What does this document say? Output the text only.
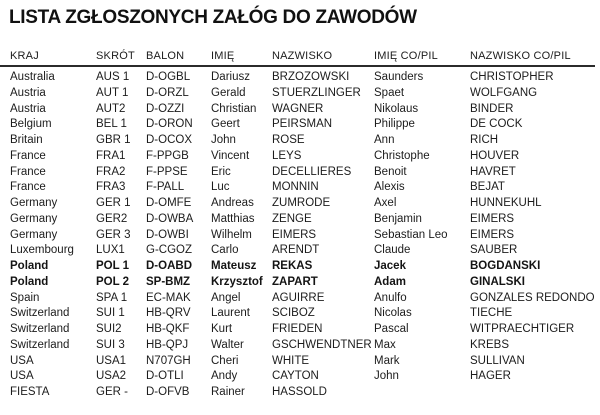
LISTA ZGŁOSZONYCH ZAŁÓG DO ZAWODÓW
KRAJ	SKRÓT	BALON	IMIĘ	NAZWISKO	IMIĘ CO/PIL	NAZWISKO CO/PIL
Australia	AUS 1	D-OGBL	Dariusz	BRZOZOWSKI	Saunders	CHRISTOPHER
Austria	AUT 1	D-ORZL	Gerald	STUERZLINGER	Spaet	WOLFGANG
Austria	AUT2	D-OZZI	Christian	WAGNER	Nikolaus	BINDER
Belgium	BEL 1	D-ORON	Geert	PEIRSMAN	Philippe	DE COCK
Britain	GBR 1	D-OCOX	John	ROSE	Ann	RICH
France	FRA1	F-PPGB	Vincent	LEYS	Christophe	HOUVER
France	FRA2	F-PPSE	Eric	DECELLIERES	Benoit	HAVRET
France	FRA3	F-PALL	Luc	MONNIN	Alexis	BEJAT
Germany	GER 1	D-OMFE	Andreas	ZUMRODE	Axel	HUNNEKUHL
Germany	GER2	D-OWBA	Matthias	ZENGE	Benjamin	EIMERS
Germany	GER 3	D-OWBI	Wilhelm	EIMERS	Sebastian Leo	EIMERS
Luxembourg	LUX1	G-CGOZ	Carlo	ARENDT	Claude	SAUBER
Poland	POL 1	D-OABD	Mateusz	REKAS	Jacek	BOGDANSKI
Poland	POL 2	SP-BMZ	Krzysztof	ZAPART	Adam	GINALSKI
Spain	SPA 1	EC-MAK	Angel	AGUIRRE	Anulfo	GONZALES REDONDO
Switzerland	SUI 1	HB-QRV	Laurent	SCIBOZ	Nicolas	TIECHE
Switzerland	SUI2	HB-QKF	Kurt	FRIEDEN	Pascal	WITPRAECHTIGER
Switzerland	SUI 3	HB-QPJ	Walter	GSCHWENDTNER	Max	KREBS
USA	USA1	N707GH	Cheri	WHITE	Mark	SULLIVAN
USA	USA2	D-OTLI	Andy	CAYTON	John	HAGER
FIESTA	GER -	D-OFVB	Rainer	HASSOLD		
